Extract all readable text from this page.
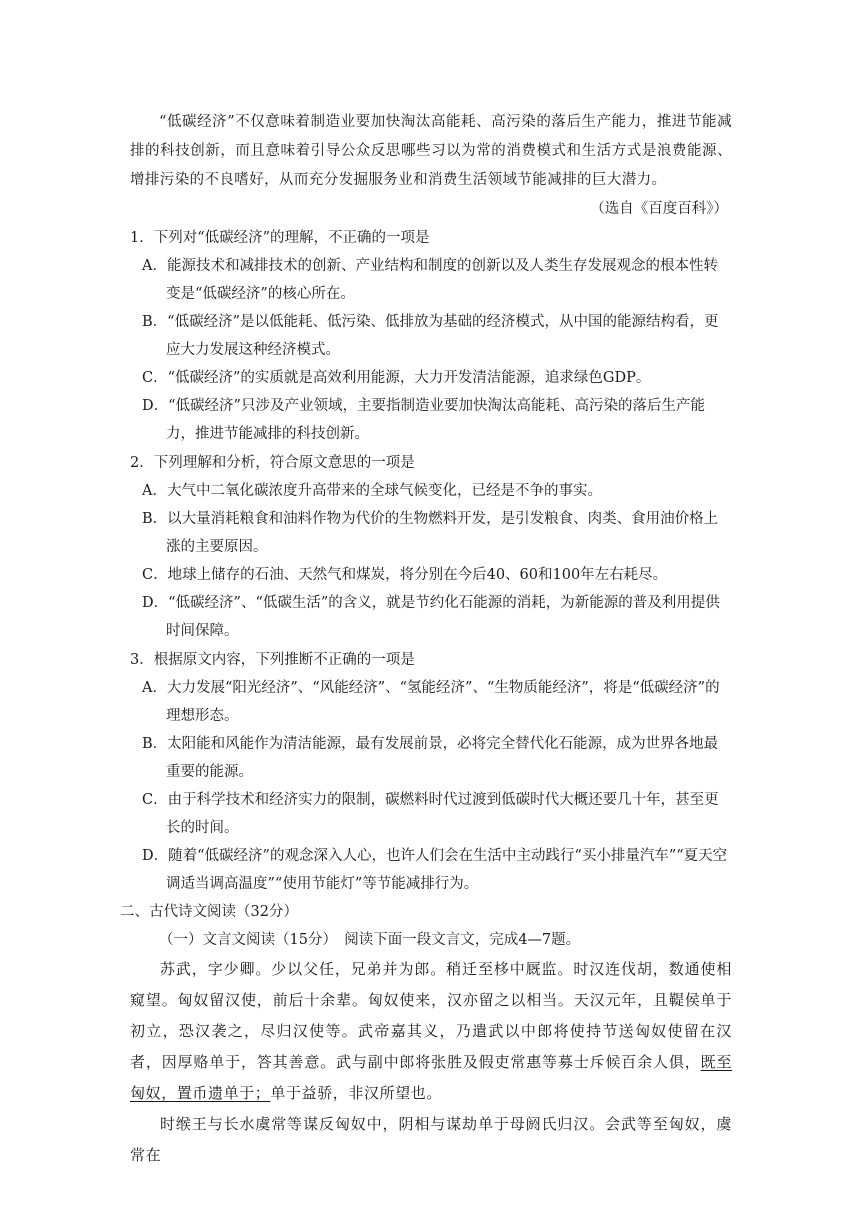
“低碳经济”不仅意味着制造业要加快淘汰高能耗、高污染的落后生产能力，推进节能减排的科技创新，而且意味着引导公众反思哪些习以为常的消费模式和生活方式是浪费能源、增排污染的不良嗜好，从而充分发掘服务业和消费生活领域节能减排的巨大潜力。

（选自《百度百科》）

1．下列对“低碳经济”的理解，不正确的一项是

A．能源技术和减排技术的创新、产业结构和制度的创新以及人类生存发展观念的根本性转变是“低碳经济”的核心所在。

B．“低碳经济”是以低能耗、低污染、低排放为基础的经济模式，从中国的能源结构看，更应大力发展这种经济模式。

C．“低碳经济”的实质就是高效利用能源，大力开发清洁能源，追求绿色GDP。

D．“低碳经济”只涉及产业领域，主要指制造业要加快淘汰高能耗、高污染的落后生产能力，推进节能减排的科技创新。

2．下列理解和分析，符合原文意思的一项是

A．大气中二氧化碳浓度升高带来的全球气候变化，已经是不争的事实。

B．以大量消耗粮食和油料作物为代价的生物燃料开发，是引发粮食、肉类、食用油价格上涨的主要原因。

C．地球上储存的石油、天然气和煤炭，将分别在今后40、60和100年左右耗尽。

D．“低碳经济”、“低碳生活”的含义，就是节约化石能源的消耗，为新能源的普及利用提供时间保障。

3．根据原文内容，下列推断不正确的一项是

A．大力发展“阳光经济”、“风能经济”、“氢能经济”、“生物质能经济”，将是“低碳经济”的理想形态。

B．太阳能和风能作为清洁能源，最有发展前景，必将完全替代化石能源，成为世界各地最重要的能源。

C．由于科学技术和经济实力的限制，碳燃料时代过渡到低碳时代大概还要几十年，甚至更长的时间。

D．随着“低碳经济”的观念深入人心，也许人们会在生活中主动践行“买小排量汽车”“夏天空调适当调高温度”“使用节能灯”等节能减排行为。

二、古代诗文阅读（32分）

（一）文言文阅读（15分）　阅读下面一段文言文，完成4—7题。

苏武，字少卿。少以父任，兄弟并为郎。稍迁至栘中厩监。时汉连伐胡，数通使相窥望。匈奴留汉使，前后十余辈。匈奴使来，汉亦留之以相当。天汉元年，且鞮侯单于初立，恐汉袭之，尽归汉使等。武帝嘉其义，乃遣武以中郎将使持节送匈奴使留在汉者，因厚赂单于，答其善意。武与副中郎将张胜及假吏常惠等募士斥候百余人俱，既至匈奴，置币遗单于；单于益骄，非汉所望也。

时缑王与长水虞常等谋反匈奴中，阴相与谋劫单于母阏氏归汉。会武等至匈奴，虞常在
